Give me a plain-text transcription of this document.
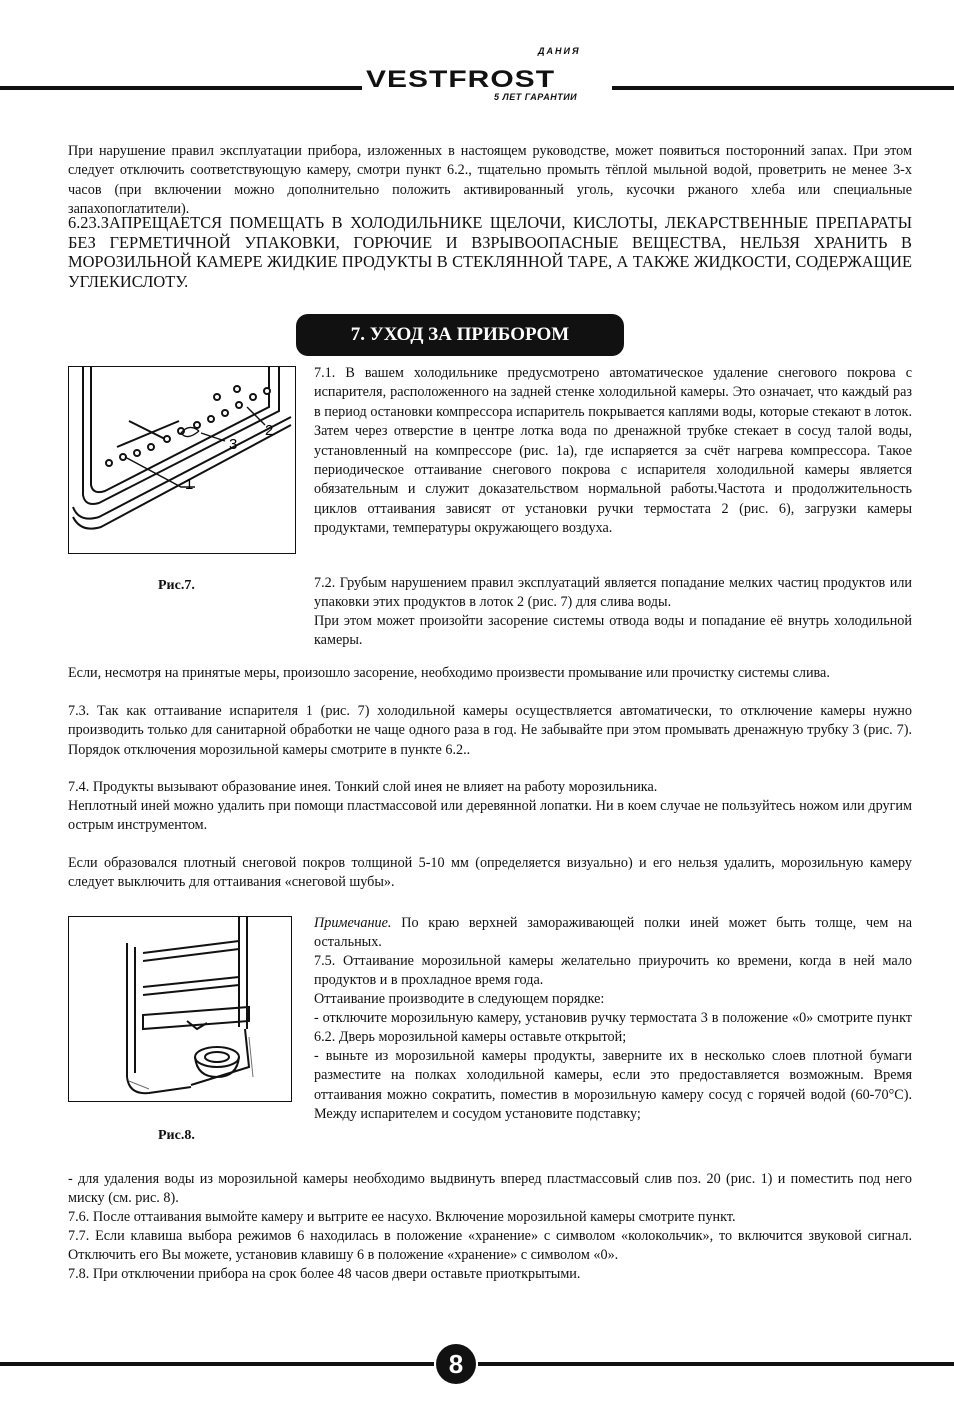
ДАНИЯ
VESTFROST
5 ЛЕТ ГАРАНТИИ

При нарушение правил эксплуатации прибора, изложенных в настоящем руководстве, может появиться посторонний запах. При этом следует отключить соответствующую камеру, смотри пункт 6.2., тщательно промыть тёплой мыльной водой, проветрить не менее 3-х часов (при включении можно дополнительно положить активированный уголь, кусочки ржаного хлеба или специальные запахопоглатители).

6.23.ЗАПРЕЩАЕТСЯ ПОМЕЩАТЬ В ХОЛОДИЛЬНИКЕ ЩЕЛОЧИ, КИСЛОТЫ, ЛЕКАРСТВЕННЫЕ ПРЕПАРАТЫ БЕЗ ГЕРМЕТИЧНОЙ УПАКОВКИ, ГОРЮЧИЕ И ВЗРЫВООПАСНЫЕ ВЕЩЕСТВА, НЕЛЬЗЯ ХРАНИТЬ В МОРОЗИЛЬНОЙ КАМЕРЕ ЖИДКИЕ ПРОДУКТЫ В СТЕКЛЯННОЙ ТАРЕ, А ТАКЖЕ ЖИДКОСТИ, СОДЕРЖАЩИЕ УГЛЕКИСЛОТУ.

7. УХОД ЗА ПРИБОРОМ
3
2
1
Рис.7.

7.1. В вашем холодильнике предусмотрено автоматическое удаление снегового покрова с испарителя, расположенного на задней стенке холодильной камеры. Это означает, что каждый раз в период остановки компрессора испаритель покрывается каплями воды, которые стекают в лоток. Затем через отверстие в центре лотка вода по дренажной трубке стекает в сосуд талой воды, установленный на компрессоре (рис. 1а), где испаряется за счёт нагрева компрессора. Такое периодическое оттаивание снегового покрова с испарителя холодильной камеры является обязательным и служит доказательством нормальной работы.Частота и продолжительность циклов оттаивания зависят от установки ручки термостата 2 (рис. 6), загрузки камеры продуктами, температуры окружающего воздуха.

7.2. Грубым нарушением правил эксплуатаций является попадание мелких частиц продуктов или упаковки этих продуктов в лоток 2 (рис. 7) для слива воды.

При этом может произойти засорение системы отвода воды и попадание её внутрь холодильной камеры.

Если, несмотря на принятые меры, произошло засорение, необходимо произвести промывание или прочистку системы слива.

7.3. Так как оттаивание испарителя 1 (рис. 7) холодильной камеры осуществляется автоматически, то отключение камеры нужно производить только для санитарной обработки не чаще одного раза в год. Не забывайте при этом промывать дренажную трубку 3 (рис. 7). Порядок отключения морозильной камеры смотрите в пункте 6.2..

7.4. Продукты вызывают образование инея. Тонкий слой инея не влияет на работу морозильника.

Неплотный иней можно удалить при помощи пластмассовой или деревянной лопатки. Ни в коем случае не пользуйтесь ножом или другим острым инструментом.

Если образовался плотный снеговой покров толщиной 5-10 мм (определяется визуально) и его нельзя удалить, морозильную камеру следует выключить для оттаивания «снеговой шубы».

Рис.8.

Примечание. По краю верхней замораживающей полки иней может быть толще, чем на остальных.

7.5. Оттаивание морозильной камеры желательно приурочить ко времени, когда в ней мало продуктов и в прохладное время года.

Оттаивание производите в следующем порядке:

- отключите морозильную камеру, установив ручку термостата 3 в положение «0» смотрите пункт 6.2. Дверь морозильной камеры оставьте открытой;

- выньте из морозильной камеры продукты, заверните их в несколько слоев плотной бумаги разместите на полках холодильной камеры, если это предоставляется возможным. Время оттаивания можно сократить, поместив в морозильную камеру сосуд с горячей водой (60-70°С). Между испарителем и сосудом установите подставку;

- для удаления воды из морозильной камеры необходимо выдвинуть вперед пластмассовый слив поз. 20 (рис. 1) и поместить под него миску (см. рис. 8).

7.6. После оттаивания вымойте камеру и вытрите ее насухо. Включение морозильной камеры смотрите пункт.

7.7. Если клавиша выбора режимов 6 находилась в положение «хранение» с символом «колокольчик», то включится звуковой сигнал. Отключить его Вы можете, установив клавишу 6 в положение «хранение» с символом «0».

7.8. При отключении прибора на срок более 48 часов двери оставьте приоткрытыми.

8
